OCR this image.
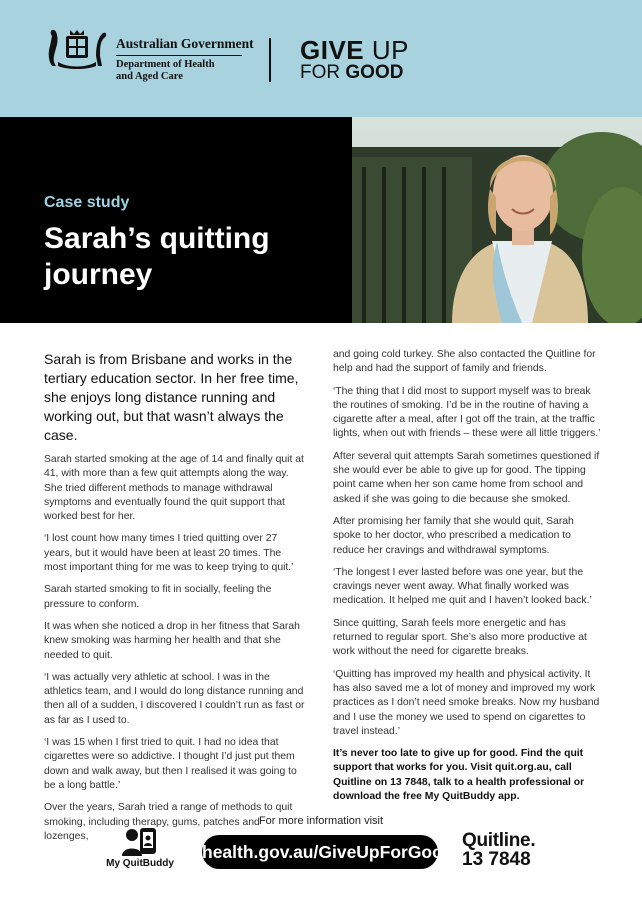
Australian Government
Department of Health
and Aged Care
GIVE UP
FOR GOOD
Case study
Sarah’s quitting journey

Sarah is from Brisbane and works in the tertiary education sector. In her free time, she enjoys long distance running and working out, but that wasn’t always the case.

Sarah started smoking at the age of 14 and finally quit at 41, with more than a few quit attempts along the way. She tried different methods to manage withdrawal symptoms and eventually found the quit support that worked best for her.

‘I lost count how many times I tried quitting over 27 years, but it would have been at least 20 times. The most important thing for me was to keep trying to quit.’

Sarah started smoking to fit in socially, feeling the pressure to conform.

It was when she noticed a drop in her fitness that Sarah knew smoking was harming her health and that she needed to quit.

‘I was actually very athletic at school. I was in the athletics team, and I would do long distance running and then all of a sudden, I discovered I couldn’t run as fast or as far as I used to.

‘I was 15 when I first tried to quit. I had no idea that cigarettes were so addictive. I thought I’d just put them down and walk away, but then I realised it was going to be a long battle.’

Over the years, Sarah tried a range of methods to quit smoking, including therapy, gums, patches and lozenges,

and going cold turkey. She also contacted the Quitline for help and had the support of family and friends.

‘The thing that I did most to support myself was to break the routines of smoking. I’d be in the routine of having a cigarette after a meal, after I got off the train, at the traffic lights, when out with friends – these were all little triggers.’

After several quit attempts Sarah sometimes questioned if she would ever be able to give up for good. The tipping point came when her son came home from school and asked if she was going to die because she smoked.

After promising her family that she would quit, Sarah spoke to her doctor, who prescribed a medication to reduce her cravings and withdrawal symptoms.

‘The longest I ever lasted before was one year, but the cravings never went away. What finally worked was medication. It helped me quit and I haven’t looked back.’

Since quitting, Sarah feels more energetic and has returned to regular sport. She’s also more productive at work without the need for cigarette breaks.

‘Quitting has improved my health and physical activity. It has also saved me a lot of money and improved my work practices as I don’t need smoke breaks. Now my husband and I use the money we used to spend on cigarettes to travel instead.’

It’s never too late to give up for good. Find the quit support that works for you. Visit quit.org.au, call Quitline on 13 7848, talk to a health professional or download the free My QuitBuddy app.

For more information visit
My QuitBuddy
health.gov.au/GiveUpForGood
Quitline.
13 7848
